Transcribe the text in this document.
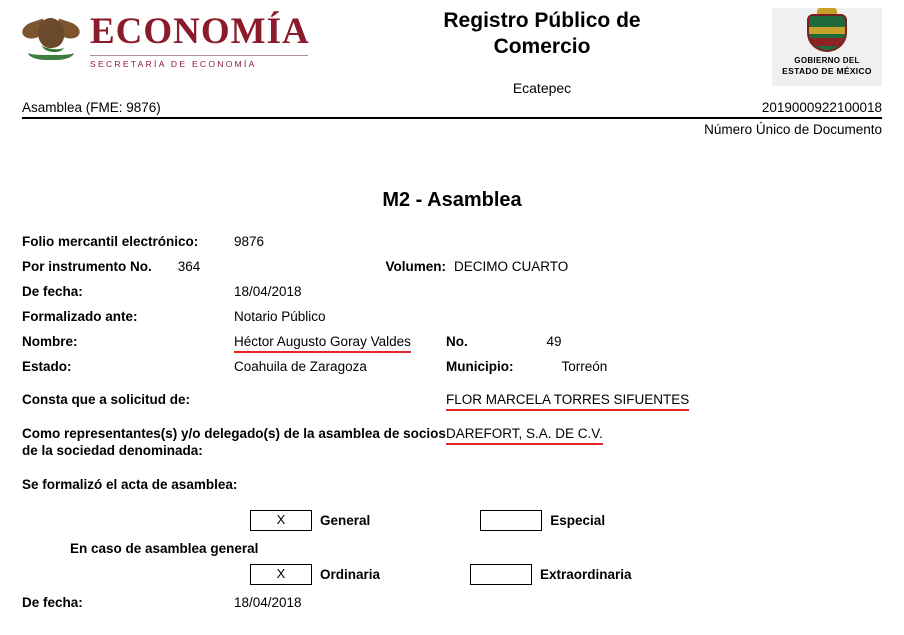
ECONOMÍA
SECRETARÍA DE ECONOMÍA
Registro Público de
Comercio
Ecatepec
GOBIERNO DEL
ESTADO DE MÉXICO
Asamblea (FME: 9876)	2019000922100018
Número Único de Documento
M2 - Asamblea
Folio mercantil electrónico:	9876
Por instrumento No. 364	Volumen: DECIMO CUARTO
De fecha:	18/04/2018
Formalizado ante:	Notario Público
Nombre:	Héctor Augusto Goray Valdes	No.	49
Estado:	Coahuila de Zaragoza	Municipio:	Torreón
Consta que a solicitud de:	FLOR MARCELA TORRES SIFUENTES
Como representantes(s) y/o delegado(s) de la asamblea de socios de la sociedad denominada:
DAREFORT, S.A. DE C.V.
Se formalizó el acta de asamblea:
X	General	Especial
En caso de asamblea general
X	Ordinaria	Extraordinaria
De fecha:	18/04/2018
